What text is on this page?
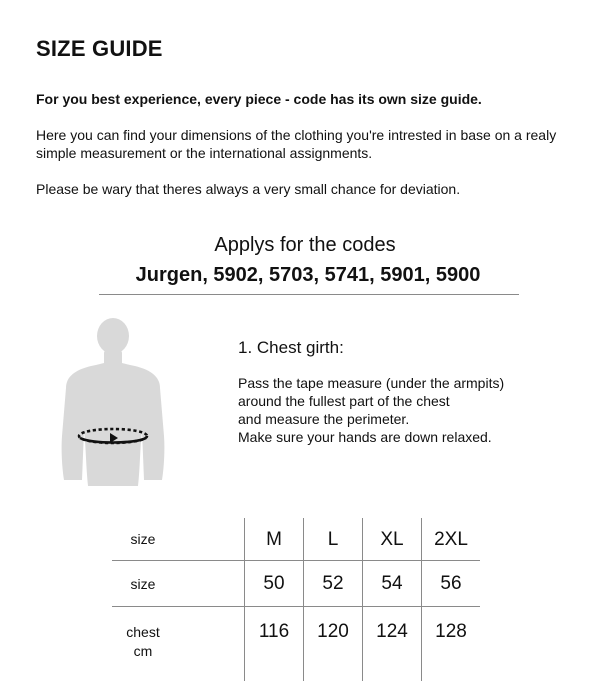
SIZE GUIDE
For you best experience, every piece - code has its own size guide.
Here you can find your dimensions of the clothing you're intrested in base on a realy simple measurement or the international assignments.
Please be wary that theres always a very small chance for deviation.
Applys for the codes
Jurgen, 5902, 5703, 5741, 5901, 5900
1. Chest girth:
Pass the tape measure (under the armpits)
around the fullest part of the chest
and measure the perimeter.
Make sure your hands are down relaxed.
size	M	L	XL	2XL

size	50	52	54	56

chest
cm	116	120	124	128
